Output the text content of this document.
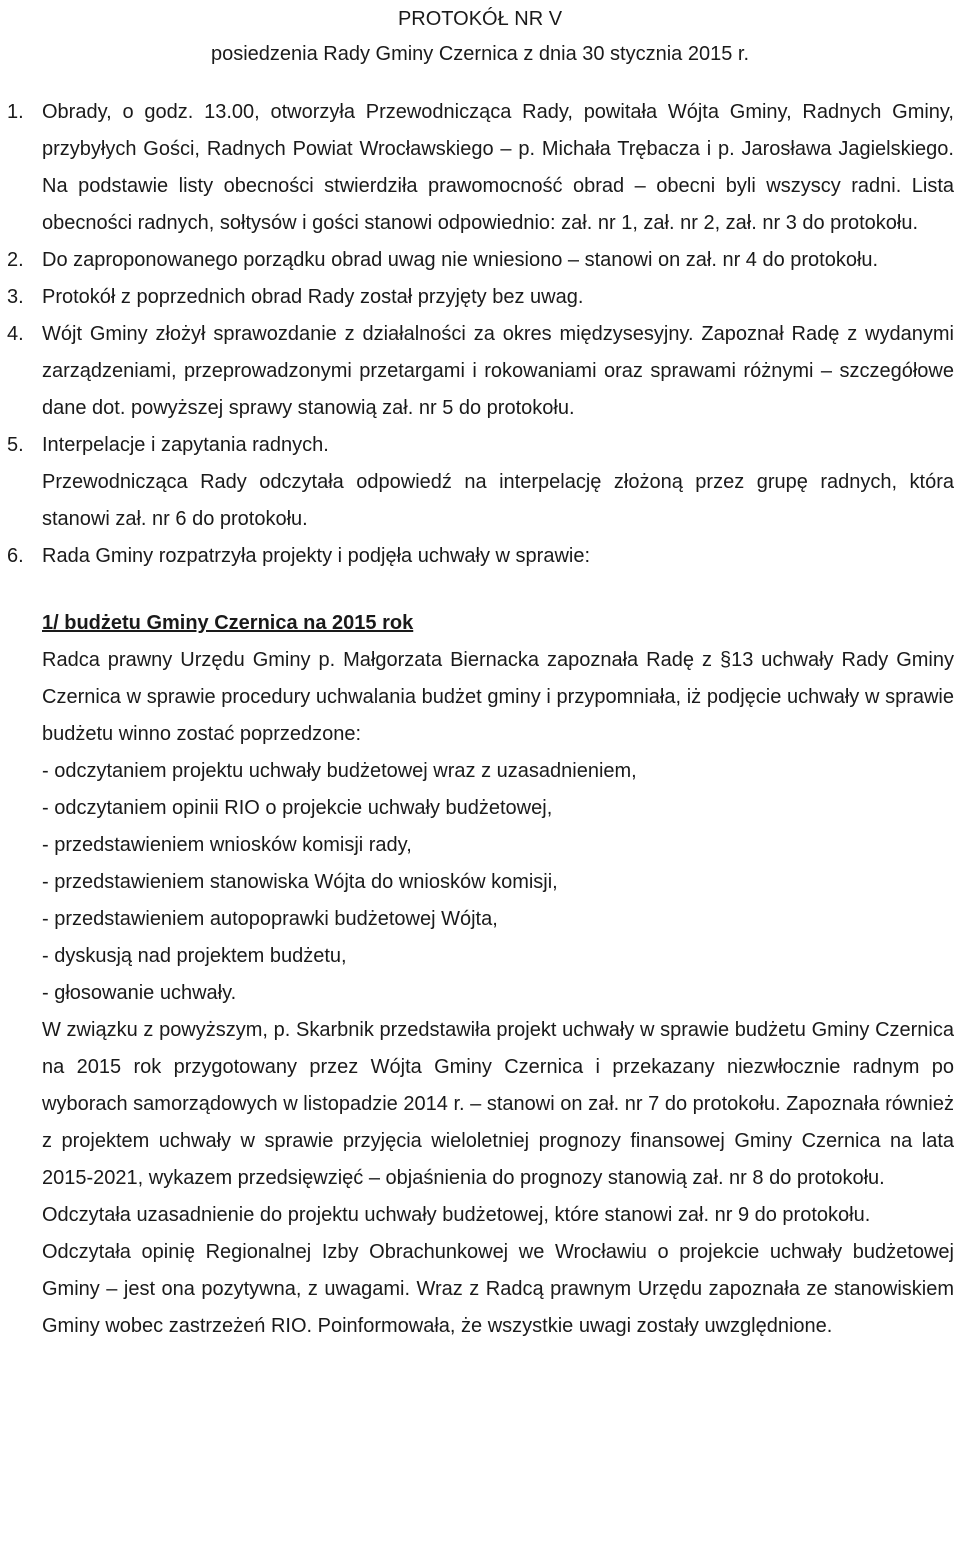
PROTOKÓŁ NR V

posiedzenia Rady Gminy Czernica z dnia 30 stycznia 2015 r.

1. Obrady, o godz. 13.00, otworzyła Przewodnicząca Rady, powitała Wójta Gminy, Radnych Gminy, przybyłych Gości, Radnych Powiat Wrocławskiego – p. Michała Trębacza i p. Jarosława Jagielskiego. Na podstawie listy obecności stwierdziła prawomocność obrad – obecni byli wszyscy radni. Lista obecności radnych, sołtysów i gości stanowi odpowiednio: zał. nr 1, zał. nr 2, zał. nr 3 do protokołu.

2. Do zaproponowanego porządku obrad uwag nie wniesiono – stanowi on zał. nr 4 do protokołu.

3. Protokół z poprzednich obrad Rady został przyjęty bez uwag.

4. Wójt Gminy złożył sprawozdanie z działalności za okres międzysesyjny. Zapoznał Radę z wydanymi zarządzeniami, przeprowadzonymi przetargami i rokowaniami oraz sprawami różnymi – szczegółowe dane dot. powyższej sprawy stanowią zał. nr 5 do protokołu.

5. Interpelacje i zapytania radnych.

Przewodnicząca Rady odczytała odpowiedź na interpelację złożoną przez grupę radnych, która stanowi zał. nr 6 do protokołu.

6. Rada Gminy rozpatrzyła projekty i podjęła uchwały w sprawie:

1/ budżetu Gminy Czernica na 2015 rok

Radca prawny Urzędu Gminy p. Małgorzata Biernacka zapoznała Radę z §13 uchwały Rady Gminy Czernica w sprawie procedury uchwalania budżet gminy i przypomniała, iż podjęcie uchwały w sprawie budżetu winno zostać poprzedzone:

- odczytaniem projektu uchwały budżetowej wraz z uzasadnieniem,

- odczytaniem opinii RIO o projekcie uchwały budżetowej,

- przedstawieniem wniosków komisji rady,

- przedstawieniem stanowiska Wójta do wniosków komisji,

- przedstawieniem autopoprawki budżetowej Wójta,

- dyskusją nad projektem budżetu,

- głosowanie uchwały.

W związku z powyższym, p. Skarbnik przedstawiła projekt uchwały w sprawie budżetu Gminy Czernica na 2015 rok przygotowany przez Wójta Gminy Czernica i przekazany niezwłocznie radnym po wyborach samorządowych w listopadzie 2014 r. – stanowi on zał. nr 7 do protokołu. Zapoznała również z projektem uchwały w sprawie przyjęcia wieloletniej prognozy finansowej Gminy Czernica na lata 2015-2021, wykazem przedsięwzięć – objaśnienia do prognozy stanowią zał. nr 8 do protokołu.

Odczytała uzasadnienie do projektu uchwały budżetowej, które stanowi zał. nr 9 do protokołu.

Odczytała opinię Regionalnej Izby Obrachunkowej we Wrocławiu o projekcie uchwały budżetowej Gminy – jest ona pozytywna, z uwagami. Wraz z Radcą prawnym Urzędu zapoznała ze stanowiskiem Gminy wobec zastrzeżeń RIO. Poinformowała, że wszystkie uwagi zostały uwzględnione.
